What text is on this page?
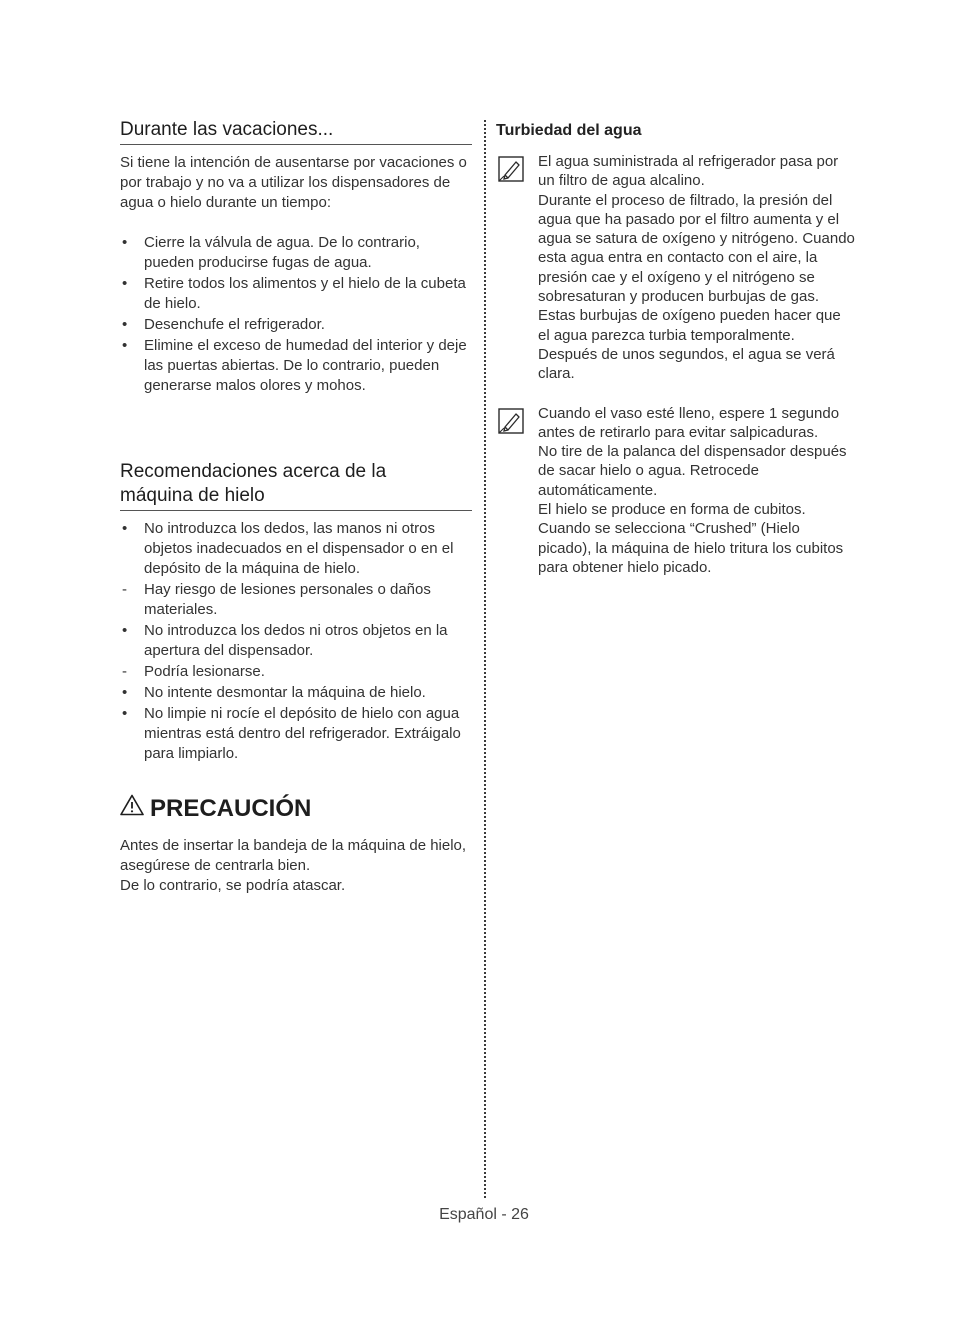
Durante las vacaciones...

Si tiene la intención de ausentarse por vacaciones o por trabajo y no va a utilizar los dispensadores de agua o hielo durante un tiempo:

•	Cierre la válvula de agua. De lo contrario, pueden producirse fugas de agua.
•	Retire todos los alimentos y el hielo de la cubeta de hielo.
•	Desenchufe el refrigerador.
•	Elimine el exceso de humedad del interior y deje las puertas abiertas. De lo contrario, pueden generarse malos olores y mohos.
Recomendaciones acerca de la
máquina de hielo
•	No introduzca los dedos, las manos ni otros objetos inadecuados en el dispensador o en el depósito de la máquina de hielo.
-	Hay riesgo de lesiones personales o daños materiales.
•	No introduzca los dedos ni otros objetos en la apertura del dispensador.
-	Podría lesionarse.
•	No intente desmontar la máquina de hielo.
•	No limpie ni rocíe el depósito de hielo con agua mientras está dentro del refrigerador. Extráigalo para limpiarlo.
PRECAUCIÓN

Antes de insertar la bandeja de la máquina de hielo, asegúrese de centrarla bien.
De lo contrario, se podría atascar.

Turbiedad del agua

El agua suministrada al refrigerador pasa por un filtro de agua alcalino.

Durante el proceso de filtrado, la presión del agua que ha pasado por el filtro aumenta y el agua se satura de oxígeno y nitrógeno. Cuando esta agua entra en contacto con el aire, la presión cae y el oxígeno y el nitrógeno se sobresaturan y producen burbujas de gas.

Estas burbujas de oxígeno pueden hacer que el agua parezca turbia temporalmente. Después de unos segundos, el agua se verá clara.

Cuando el vaso esté lleno, espere 1 segundo antes de retirarlo para evitar salpicaduras.

No tire de la palanca del dispensador después de sacar hielo o agua. Retrocede automáticamente.

El hielo se produce en forma de cubitos. Cuando se selecciona “Crushed” (Hielo picado), la máquina de hielo tritura los cubitos para obtener hielo picado.

Español - 26
